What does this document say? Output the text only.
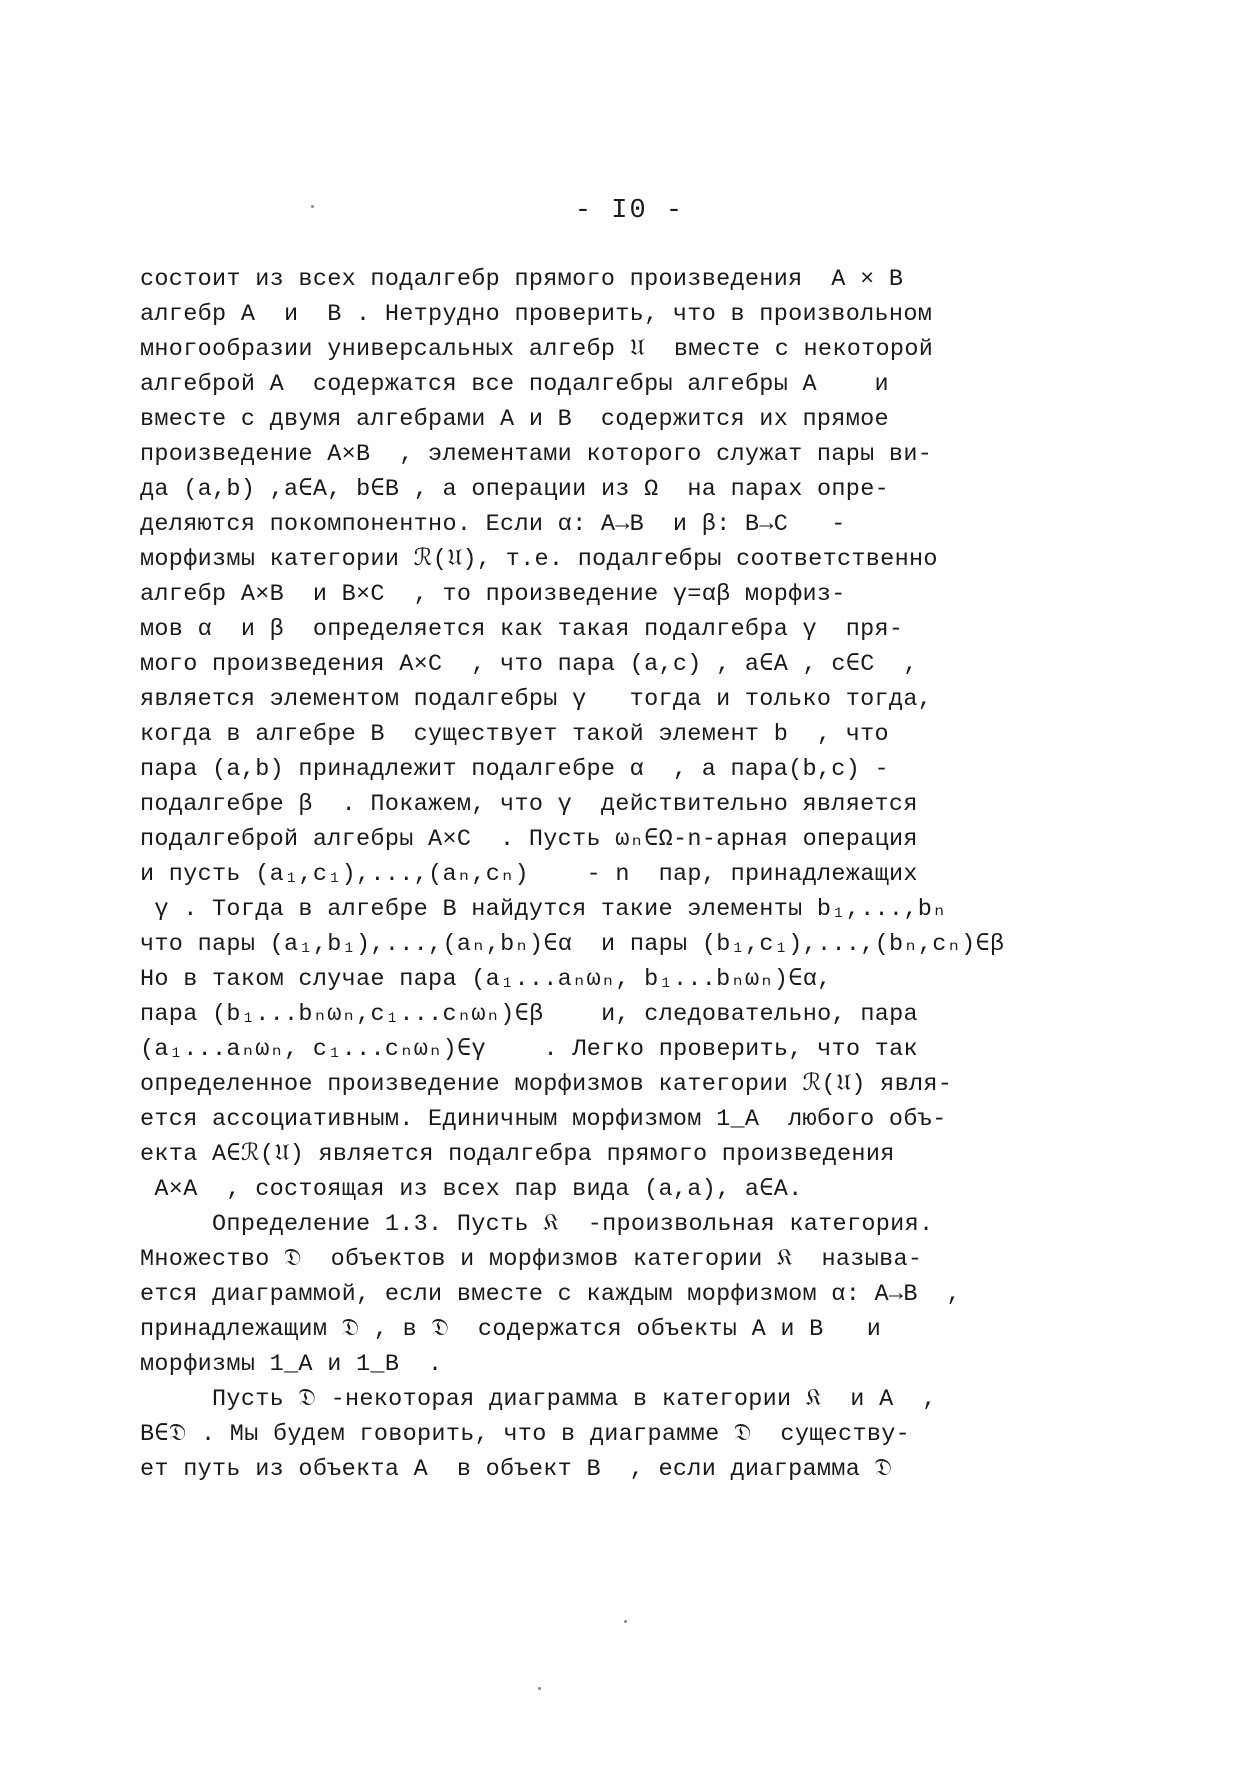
- I0 -
состоит из всех подалгебр прямого произведения  A × B
алгебр A  и  B . Нетрудно проверить, что в произвольном
многообразии универсальных алгебр 𝔘  вместе с некоторой
алгеброй A  содержатся все подалгебры алгебры A    и
вместе с двумя алгебрами A и B  содержится их прямое
произведение A×B  , элементами которого служат пары ви-
да (a,b) ,a∈A, b∈B , а операции из Ω  на парах опре-
деляются покомпонентно. Если α: A→B  и β: B→C   -
морфизмы категории ℛ(𝔘), т.е. подалгебры соответственно
алгебр A×B  и B×C  , то произведение γ=αβ морфиз-
мов α  и β  определяется как такая подалгебра γ  пря-
мого произведения A×C  , что пара (a,c) , a∈A , c∈C  ,
является элементом подалгебры γ   тогда и только тогда,
когда в алгебре B  существует такой элемент b  , что
пара (a,b) принадлежит подалгебре α  , а пара(b,c) -
подалгебре β  . Покажем, что γ  действительно является
подалгеброй алгебры A×C  . Пусть ωₙ∈Ω-n-арная операция
и пусть (a₁,c₁),...,(aₙ,cₙ)    - n  пар, принадлежащих
γ . Тогда в алгебре B найдутся такие элементы b₁,...,bₙ
что пары (a₁,b₁),...,(aₙ,bₙ)∈α  и пары (b₁,c₁),...,(bₙ,cₙ)∈β
Но в таком случае пара (a₁...aₙωₙ, b₁...bₙωₙ)∈α,
пара (b₁...bₙωₙ,c₁...cₙωₙ)∈β    и, следовательно, пара
(a₁...aₙωₙ, c₁...cₙωₙ)∈γ    . Легко проверить, что так
определенное произведение морфизмов категории ℛ(𝔘) явля-
ется ассоциативным. Единичным морфизмом 1_A  любого объ-
екта A∈ℛ(𝔘) является подалгебра прямого произведения
A×A  , состоящая из всех пар вида (a,a), a∈A.
Определение 1.3. Пусть 𝔎  -произвольная категория.
Множество 𝔇  объектов и морфизмов категории 𝔎  называ-
ется диаграммой, если вместе с каждым морфизмом α: A→B  ,
принадлежащим 𝔇 , в 𝔇  содержатся объекты A и B   и
морфизмы 1_A и 1_B  .
Пусть 𝔇 -некоторая диаграмма в категории 𝔎  и A  ,
B∈𝔇 . Мы будем говорить, что в диаграмме 𝔇  существу-
ет путь из объекта A  в объект B  , если диаграмма 𝔇
